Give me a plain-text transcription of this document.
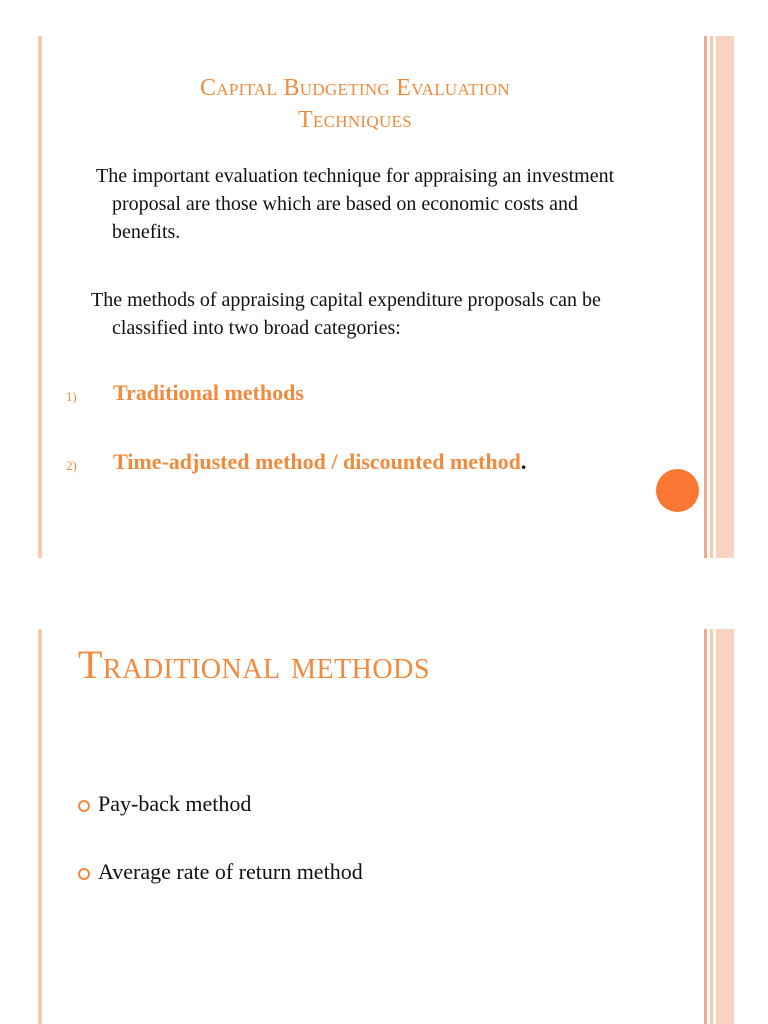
Capital Budgeting Evaluation
Techniques
The important evaluation technique for appraising an investment
proposal are those which are based on economic costs and
benefits.
The methods of appraising capital expenditure proposals can be
classified into two broad categories:
1) Traditional methods
2) Time-adjusted method / discounted method.
Traditional methods
Pay-back method
Average rate of return method
